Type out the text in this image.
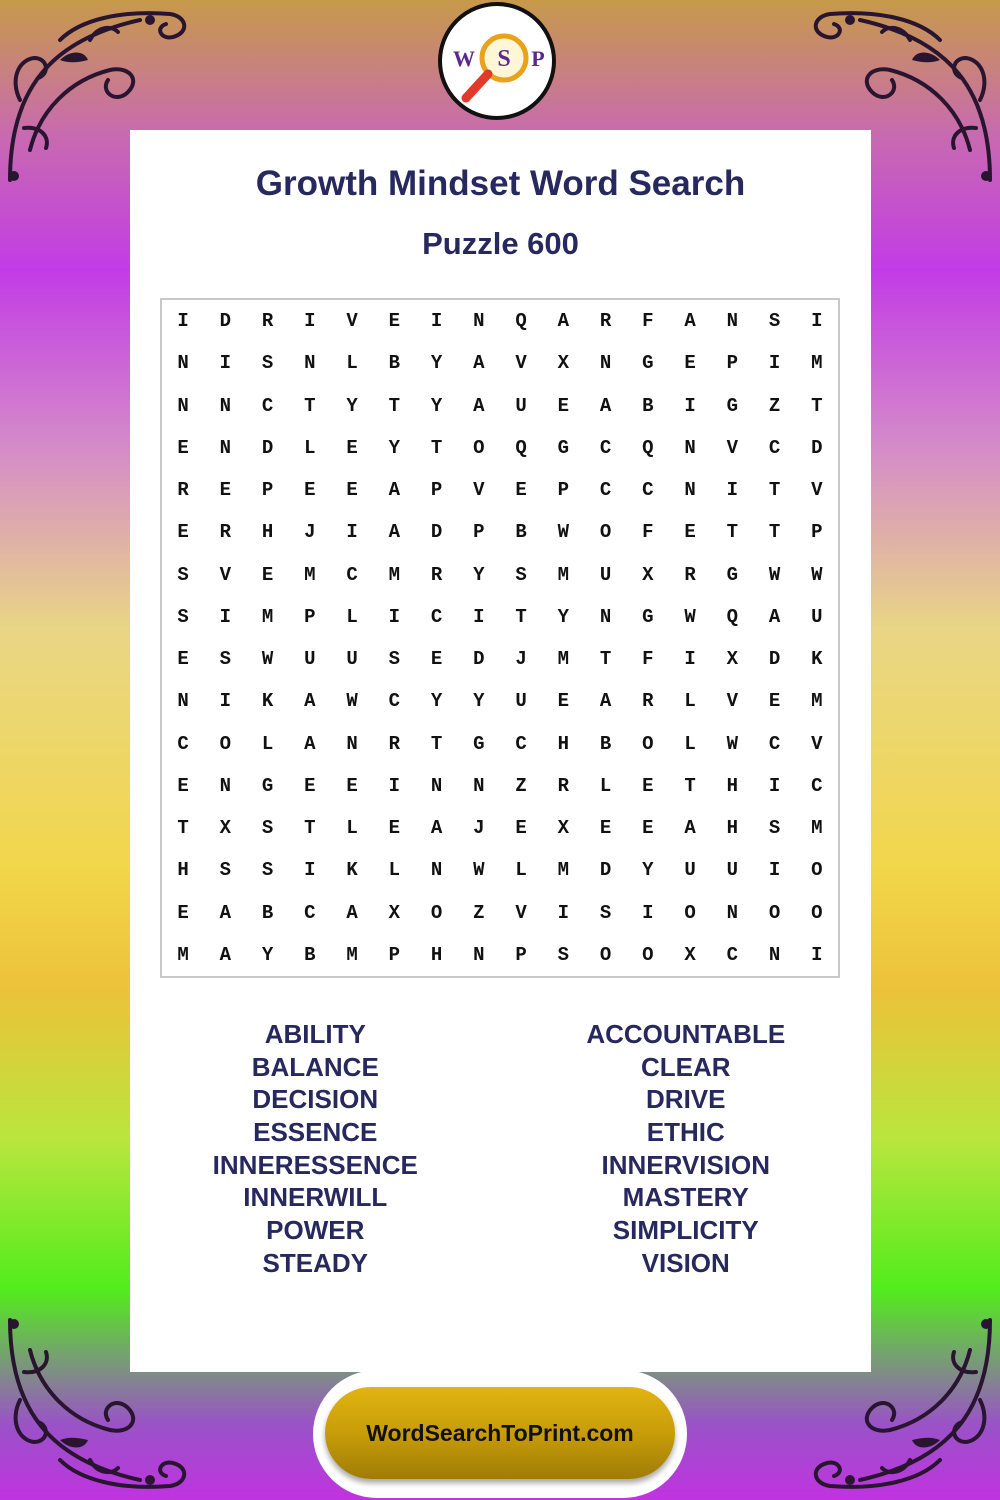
W S P
Growth Mindset Word Search
Puzzle 600
I	D	R	I	V	E	I	N	Q	A	R	F	A	N	S	I
N	I	S	N	L	B	Y	A	V	X	N	G	E	P	I	M
N	N	C	T	Y	T	Y	A	U	E	A	B	I	G	Z	T
E	N	D	L	E	Y	T	O	Q	G	C	Q	N	V	C	D
R	E	P	E	E	A	P	V	E	P	C	C	N	I	T	V
E	R	H	J	I	A	D	P	B	W	O	F	E	T	T	P
S	V	E	M	C	M	R	Y	S	M	U	X	R	G	W	W
S	I	M	P	L	I	C	I	T	Y	N	G	W	Q	A	U
E	S	W	U	U	S	E	D	J	M	T	F	I	X	D	K
N	I	K	A	W	C	Y	Y	U	E	A	R	L	V	E	M
C	O	L	A	N	R	T	G	C	H	B	O	L	W	C	V
E	N	G	E	E	I	N	N	Z	R	L	E	T	H	I	C
T	X	S	T	L	E	A	J	E	X	E	E	A	H	S	M
H	S	S	I	K	L	N	W	L	M	D	Y	U	U	I	O
E	A	B	C	A	X	O	Z	V	I	S	I	O	N	O	O
M	A	Y	B	M	P	H	N	P	S	O	O	X	C	N	I
ABILITY
BALANCE
DECISION
ESSENCE
INNERESSENCE
INNERWILL
POWER
STEADY
ACCOUNTABLE
CLEAR
DRIVE
ETHIC
INNERVISION
MASTERY
SIMPLICITY
VISION
WordSearchToPrint.com
